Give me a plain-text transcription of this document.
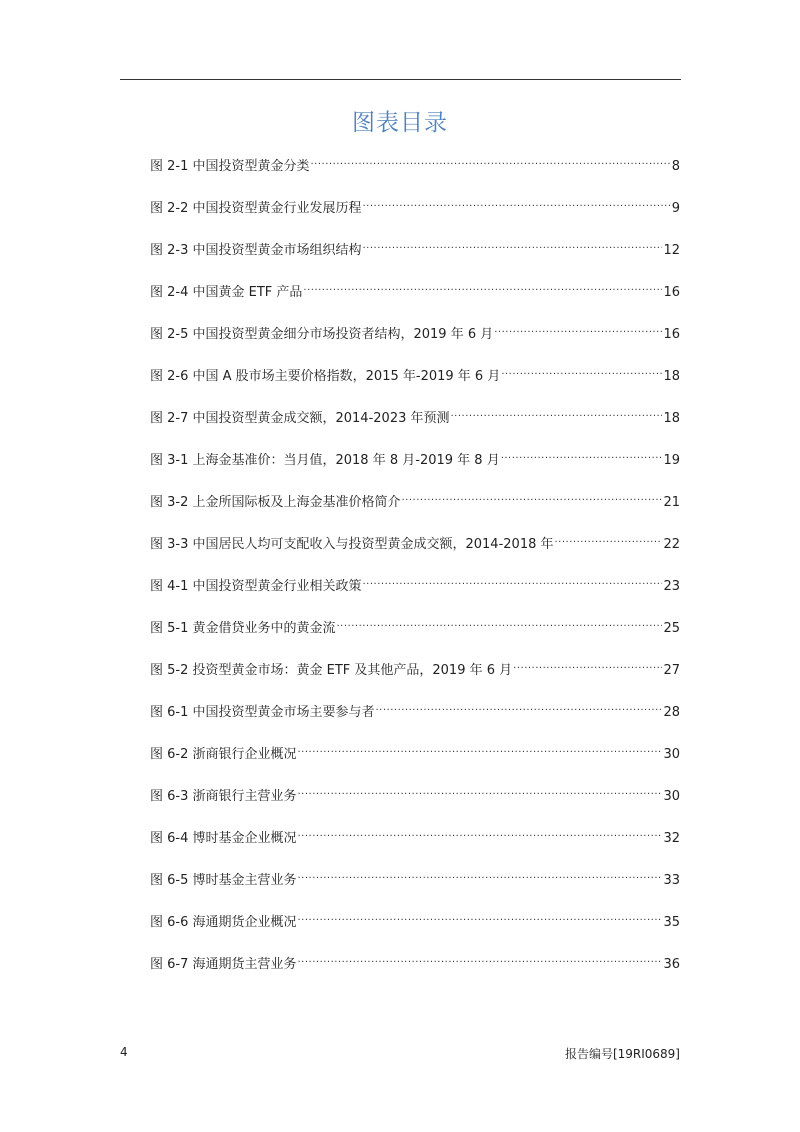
图表目录
图 2-1 中国投资型黄金分类 .....	8
图 2-2 中国投资型黄金行业发展历程 .....	9
图 2-3 中国投资型黄金市场组织结构 .....	12
图 2-4 中国黄金 ETF 产品 .....	16
图 2-5 中国投资型黄金细分市场投资者结构，2019 年 6 月 .....	16
图 2-6 中国 A 股市场主要价格指数，2015 年-2019 年 6 月 .....	18
图 2-7 中国投资型黄金成交额，2014-2023 年预测 .....	18
图 3-1 上海金基准价：当月值，2018 年 8 月-2019 年 8 月 .....	19
图 3-2 上金所国际板及上海金基准价格简介 .....	21
图 3-3 中国居民人均可支配收入与投资型黄金成交额，2014-2018 年 .....	22
图 4-1 中国投资型黄金行业相关政策 .....	23
图 5-1 黄金借贷业务中的黄金流 .....	25
图 5-2 投资型黄金市场：黄金 ETF 及其他产品，2019 年 6 月 .....	27
图 6-1 中国投资型黄金市场主要参与者 .....	28
图 6-2 浙商银行企业概况 .....	30
图 6-3 浙商银行主营业务 .....	30
图 6-4 博时基金企业概况 .....	32
图 6-5 博时基金主营业务 .....	33
图 6-6 海通期货企业概况 .....	35
图 6-7 海通期货主营业务 .....	36
4	报告编号[19RI0689]
